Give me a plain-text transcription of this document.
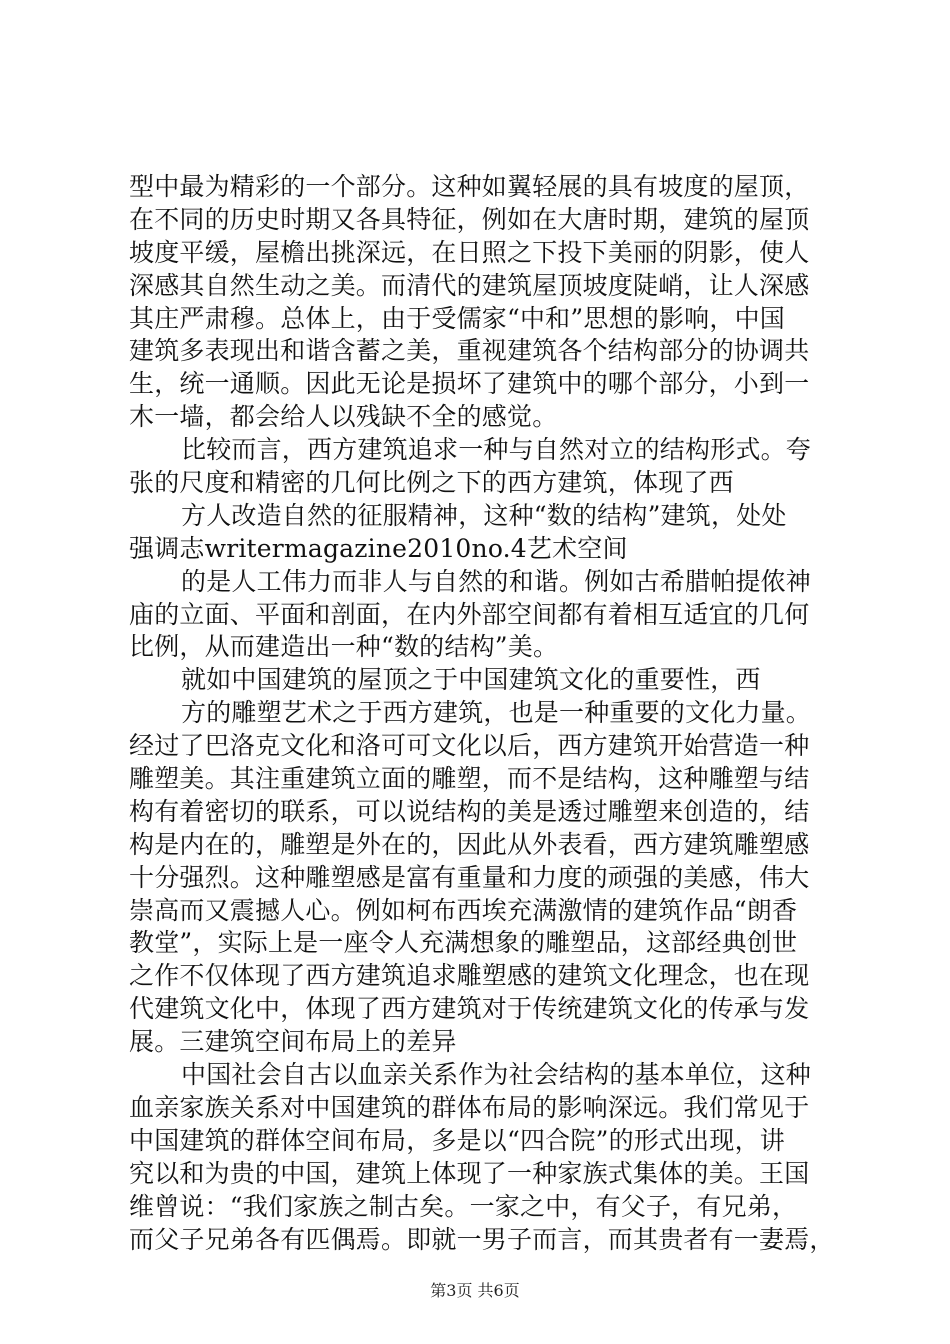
型中最为精彩的一个部分。这种如翼轻展的具有坡度的屋顶，
在不同的历史时期又各具特征，例如在大唐时期，建筑的屋顶
坡度平缓，屋檐出挑深远，在日照之下投下美丽的阴影，使人
深感其自然生动之美。而清代的建筑屋顶坡度陡峭，让人深感
其庄严肃穆。总体上，由于受儒家“中和”思想的影响，中国
建筑多表现出和谐含蓄之美，重视建筑各个结构部分的协调共
生，统一通顺。因此无论是损坏了建筑中的哪个部分，小到一
木一墙，都会给人以残缺不全的感觉。
比较而言，西方建筑追求一种与自然对立的结构形式。夸
张的尺度和精密的几何比例之下的西方建筑，体现了西
方人改造自然的征服精神，这种“数的结构”建筑，处处
强调志writermagazine2010no.4艺术空间
的是人工伟力而非人与自然的和谐。例如古希腊帕提侬神
庙的立面、平面和剖面，在内外部空间都有着相互适宜的几何
比例，从而建造出一种“数的结构”美。
就如中国建筑的屋顶之于中国建筑文化的重要性，西
方的雕塑艺术之于西方建筑，也是一种重要的文化力量。
经过了巴洛克文化和洛可可文化以后，西方建筑开始营造一种
雕塑美。其注重建筑立面的雕塑，而不是结构，这种雕塑与结
构有着密切的联系，可以说结构的美是透过雕塑来创造的，结
构是内在的，雕塑是外在的，因此从外表看，西方建筑雕塑感
十分强烈。这种雕塑感是富有重量和力度的顽强的美感，伟大
崇高而又震撼人心。例如柯布西埃充满激情的建筑作品“朗香
教堂”，实际上是一座令人充满想象的雕塑品，这部经典创世
之作不仅体现了西方建筑追求雕塑感的建筑文化理念，也在现
代建筑文化中，体现了西方建筑对于传统建筑文化的传承与发
展。三建筑空间布局上的差异
中国社会自古以血亲关系作为社会结构的基本单位，这种
血亲家族关系对中国建筑的群体布局的影响深远。我们常见于
中国建筑的群体空间布局，多是以“四合院”的形式出现，讲
究以和为贵的中国，建筑上体现了一种家族式集体的美。王国
维曾说：“我们家族之制古矣。一家之中，有父子，有兄弟，
而父子兄弟各有匹偶焉。即就一男子而言，而其贵者有一妻焉，
第3页 共6页
